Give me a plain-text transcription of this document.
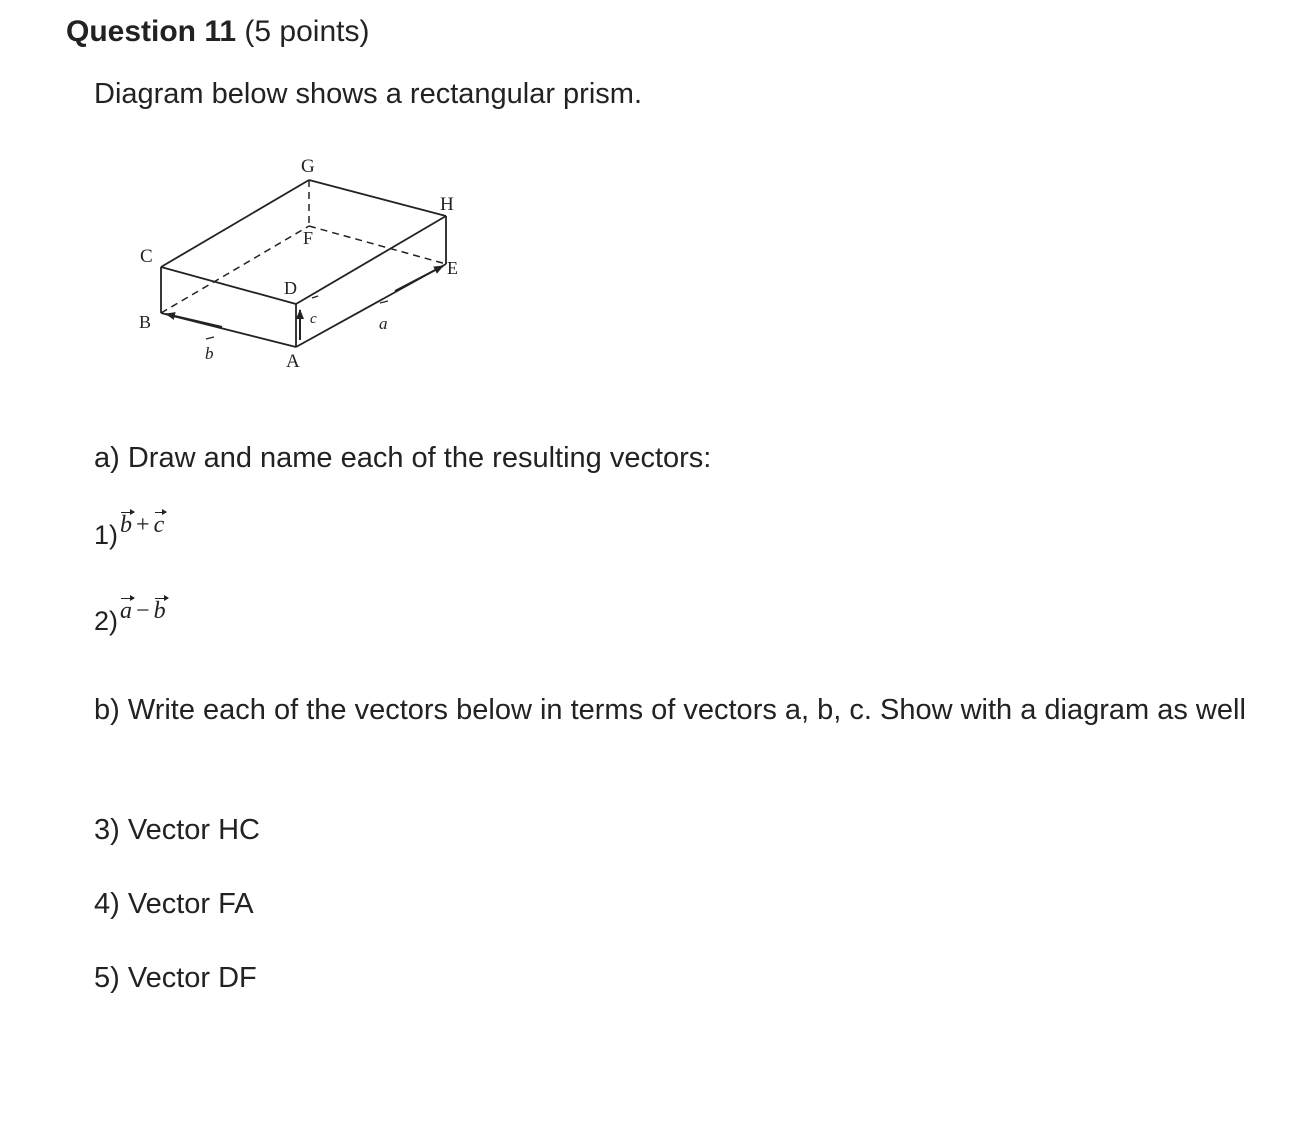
Question 11 (5 points)
Diagram below shows a rectangular prism.
G
H
C
F
E
D
B
A
a
b
c
a) Draw and name each of the resulting vectors:
1)b + c
2)a − b
b) Write each of the vectors below in terms of vectors a, b, c. Show with a diagram as well
3) Vector HC
4) Vector FA
5) Vector DF
